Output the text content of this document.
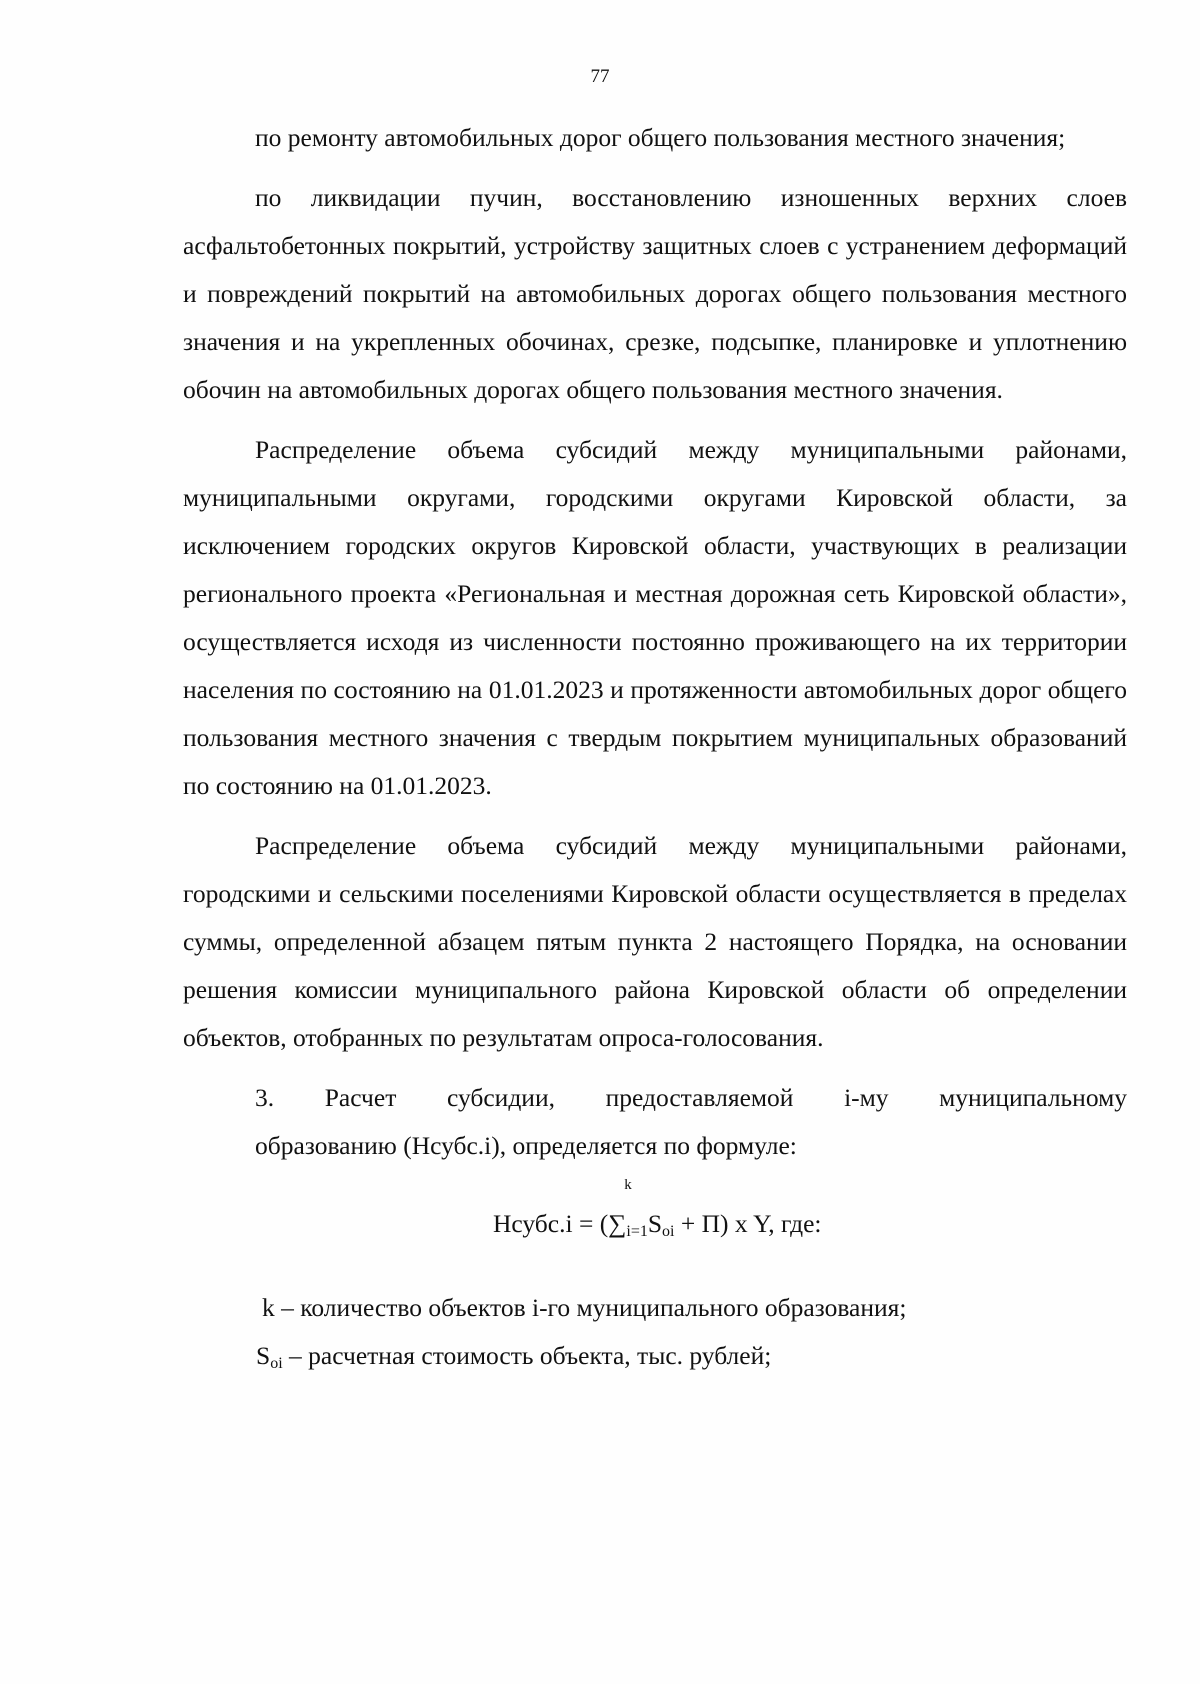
77

по ремонту автомобильных дорог общего пользования местного значения;

по ликвидации пучин, восстановлению изношенных верхних слоев асфальтобетонных покрытий, устройству защитных слоев с устранением деформаций и повреждений покрытий на автомобильных дорогах общего пользования местного значения и на укрепленных обочинах, срезке, подсыпке, планировке и уплотнению обочин на автомобильных дорогах общего пользования местного значения.

Распределение объема субсидий между муниципальными районами, муниципальными округами, городскими округами Кировской области, за исключением городских округов Кировской области, участвующих в реализации регионального проекта «Региональная и местная дорожная сеть Кировской области», осуществляется исходя из численности постоянно проживающего на их территории населения по состоянию на 01.01.2023 и протяженности автомобильных дорог общего пользования местного значения с твердым покрытием муниципальных образований по состоянию на 01.01.2023.

Распределение объема субсидий между муниципальными районами, городскими и сельскими поселениями Кировской области осуществляется в пределах суммы, определенной абзацем пятым пункта 2 настоящего Порядка, на основании решения комиссии муниципального района Кировской области об определении объектов, отобранных по результатам опроса-голосования.

3. Расчет субсидии, предоставляемой i-му муниципальному

образованию (Нсубс.i), определяется по формуле:

Нсубс.i = (
k
$\sum_{i=1}S_{oi} + П$) x Y, где:
k – количество объектов i-го муниципального образования;
$S_{oi}$ – расчетная стоимость объекта, тыс. рублей;
